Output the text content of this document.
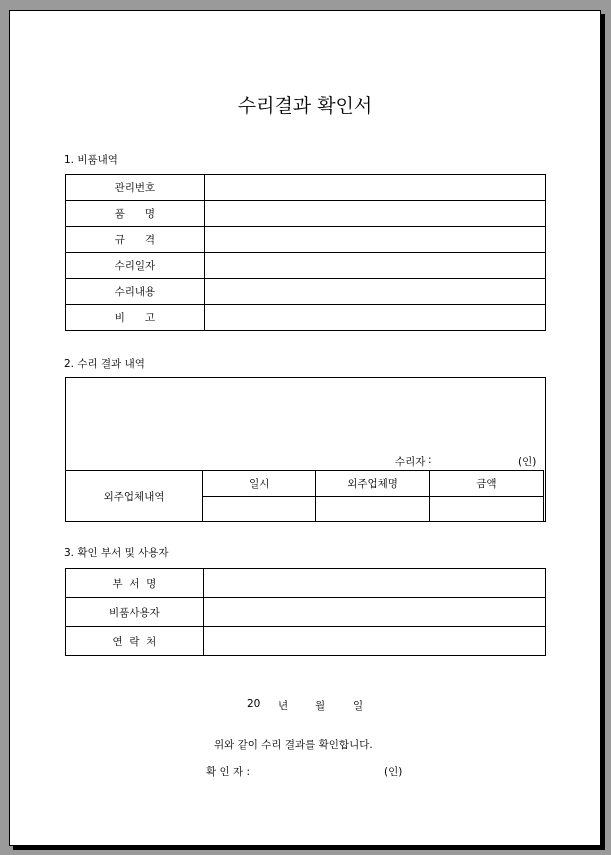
수리결과 확인서
1. 비품내역
관리번호	
품      명	
규      격	
수리일자	
수리내용	
비      고	
2. 수리 결과 내역
수리자 :	(인)
외주업체내역	일시	외주업체명	금액

3. 확인 부서 및 사용자
부  서  명	
비품사용자	
연  락  처	
20 년	월	일
위와 같이 수리 결과를 확인합니다.
확 인 자 :	(인)
